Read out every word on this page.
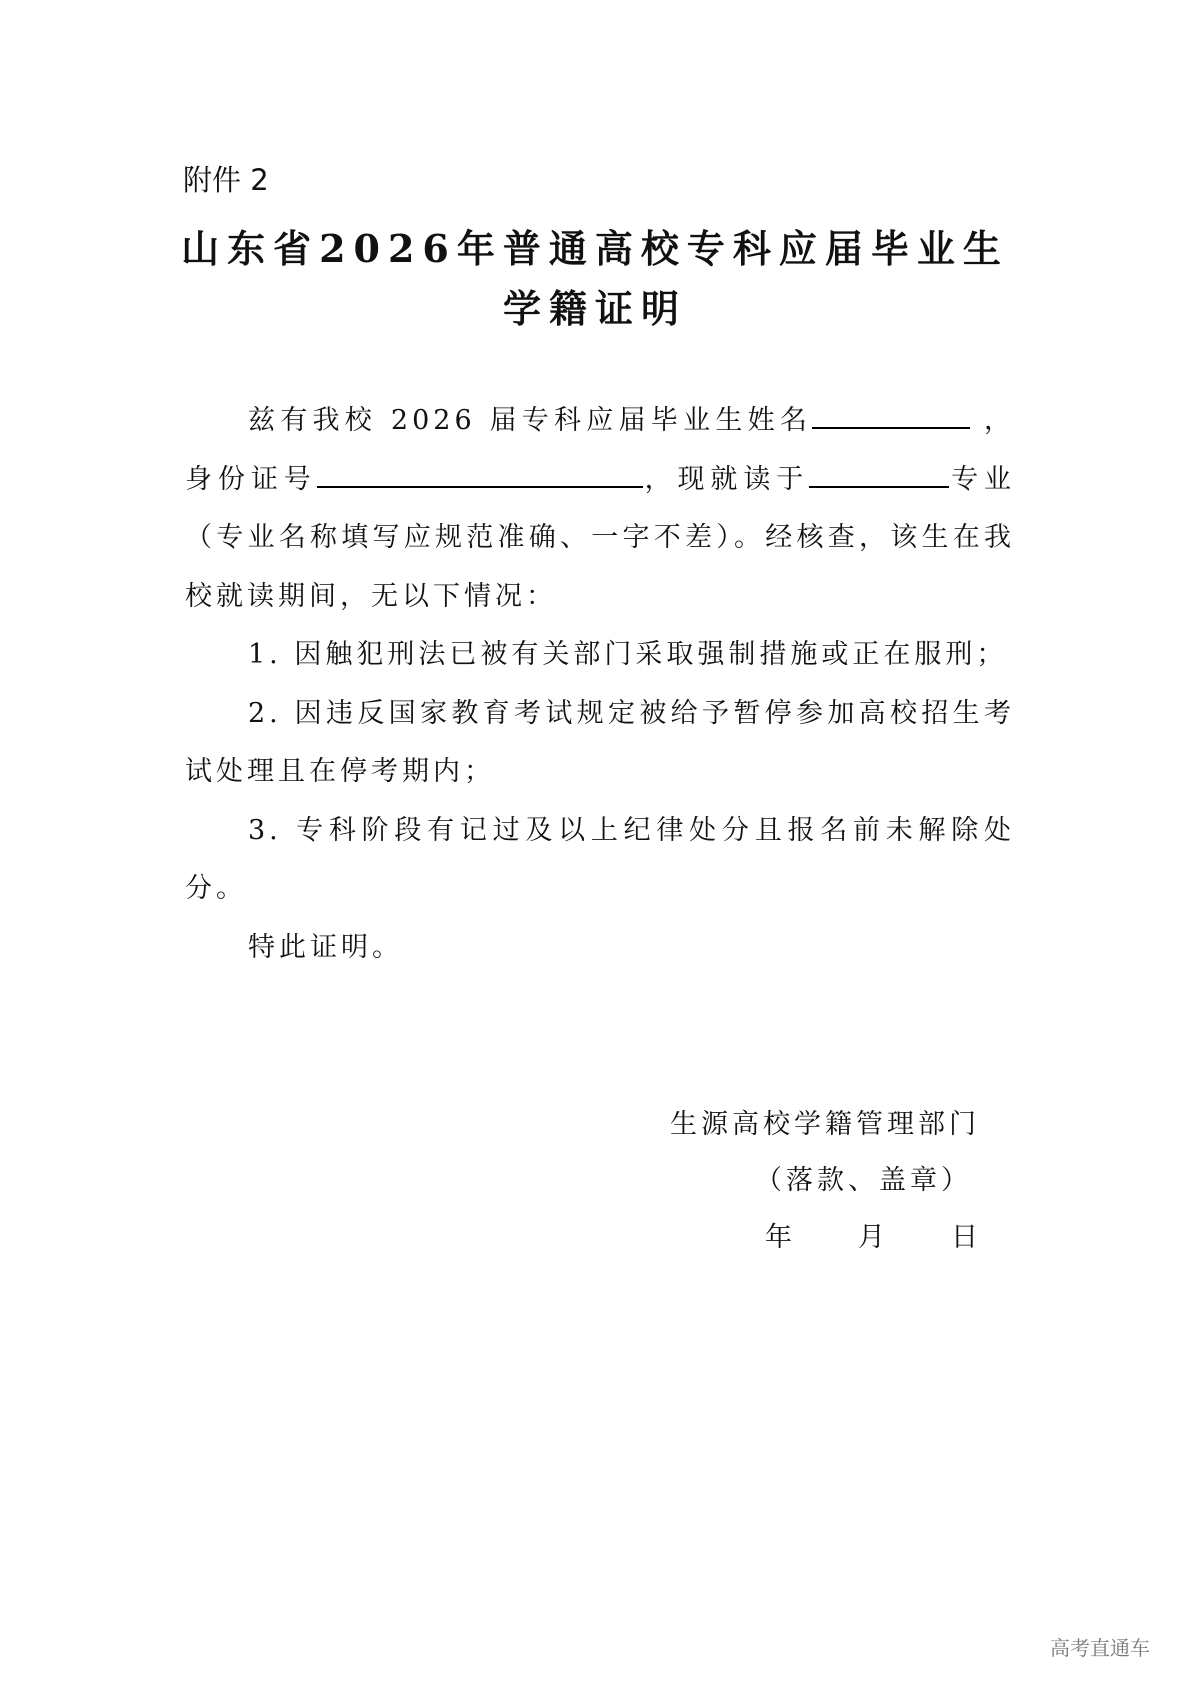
附件 2
山东省2026年普通高校专科应届毕业生
学籍证明

兹有我校 2026 届专科应届毕业生姓名	，身份证号	，现就读于	专业（专业名称填写应规范准确、一字不差）。经核查，该生在我校就读期间，无以下情况：

1. 因触犯刑法已被有关部门采取强制措施或正在服刑；

2. 因违反国家教育考试规定被给予暂停参加高校招生考试处理且在停考期内；

3. 专科阶段有记过及以上纪律处分且报名前未解除处分。

特此证明。

生源高校学籍管理部门
（落款、盖章）
年　　月　　日
高考直通车
